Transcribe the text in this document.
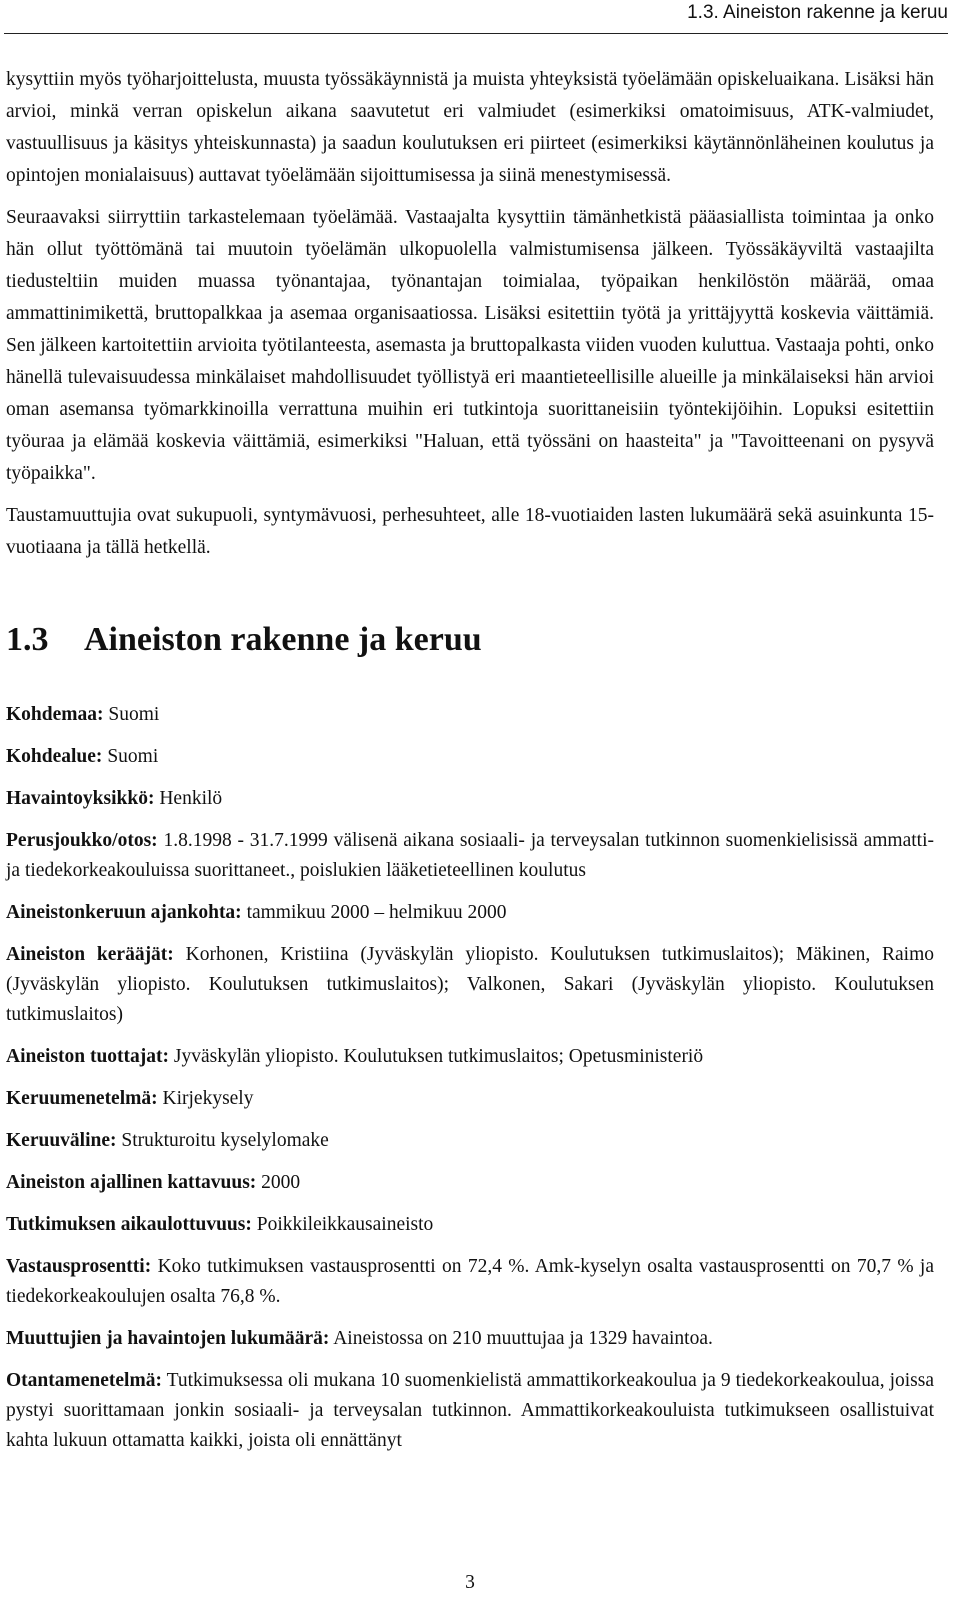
1.3. Aineiston rakenne ja keruu

kysyttiin myös työharjoittelusta, muusta työssäkäynnistä ja muista yhteyksistä työelämään opiskeluaikana. Lisäksi hän arvioi, minkä verran opiskelun aikana saavutetut eri valmiudet (esimerkiksi omatoimisuus, ATK-valmiudet, vastuullisuus ja käsitys yhteiskunnasta) ja saadun koulutuksen eri piirteet (esimerkiksi käytännönläheinen koulutus ja opintojen monialaisuus) auttavat työelämään sijoittumisessa ja siinä menestymisessä.

Seuraavaksi siirryttiin tarkastelemaan työelämää. Vastaajalta kysyttiin tämänhetkistä pääasiallista toimintaa ja onko hän ollut työttömänä tai muutoin työelämän ulkopuolella valmistumisensa jälkeen. Työssäkäyviltä vastaajilta tiedusteltiin muiden muassa työnantajaa, työnantajan toimialaa, työpaikan henkilöstön määrää, omaa ammattinimikettä, bruttopalkkaa ja asemaa organisaatiossa. Lisäksi esitettiin työtä ja yrittäjyyttä koskevia väittämiä. Sen jälkeen kartoitettiin arvioita työtilanteesta, asemasta ja bruttopalkasta viiden vuoden kuluttua. Vastaaja pohti, onko hänellä tulevaisuudessa minkälaiset mahdollisuudet työllistyä eri maantieteellisille alueille ja minkälaiseksi hän arvioi oman asemansa työmarkkinoilla verrattuna muihin eri tutkintoja suorittaneisiin työntekijöihin. Lopuksi esitettiin työuraa ja elämää koskevia väittämiä, esimerkiksi "Haluan, että työssäni on haasteita" ja "Tavoitteenani on pysyvä työpaikka".

Taustamuuttujia ovat sukupuoli, syntymävuosi, perhesuhteet, alle 18-vuotiaiden lasten lukumäärä sekä asuinkunta 15-vuotiaana ja tällä hetkellä.

1.3 Aineiston rakenne ja keruu

Kohdemaa: Suomi

Kohdealue: Suomi

Havaintoyksikkö: Henkilö

Perusjoukko/otos: 1.8.1998 - 31.7.1999 välisenä aikana sosiaali- ja terveysalan tutkinnon suomenkielisissä ammatti- ja tiedekorkeakouluissa suorittaneet., poislukien lääketieteellinen koulutus

Aineistonkeruun ajankohta: tammikuu 2000 – helmikuu 2000

Aineiston kerääjät: Korhonen, Kristiina (Jyväskylän yliopisto. Koulutuksen tutkimuslaitos); Mäkinen, Raimo (Jyväskylän yliopisto. Koulutuksen tutkimuslaitos); Valkonen, Sakari (Jyväskylän yliopisto. Koulutuksen tutkimuslaitos)

Aineiston tuottajat: Jyväskylän yliopisto. Koulutuksen tutkimuslaitos; Opetusministeriö

Keruumenetelmä: Kirjekysely

Keruuväline: Strukturoitu kyselylomake

Aineiston ajallinen kattavuus: 2000

Tutkimuksen aikaulottuvuus: Poikkileikkausaineisto

Vastausprosentti: Koko tutkimuksen vastausprosentti on 72,4 %. Amk-kyselyn osalta vastausprosentti on 70,7 % ja tiedekorkeakoulujen osalta 76,8 %.

Muuttujien ja havaintojen lukumäärä: Aineistossa on 210 muuttujaa ja 1329 havaintoa.

Otantamenetelmä: Tutkimuksessa oli mukana 10 suomenkielistä ammattikorkeakoulua ja 9 tiedekorkeakoulua, joissa pystyi suorittamaan jonkin sosiaali- ja terveysalan tutkinnon. Ammattikorkeakouluista tutkimukseen osallistuivat kahta lukuun ottamatta kaikki, joista oli ennättänyt

3
